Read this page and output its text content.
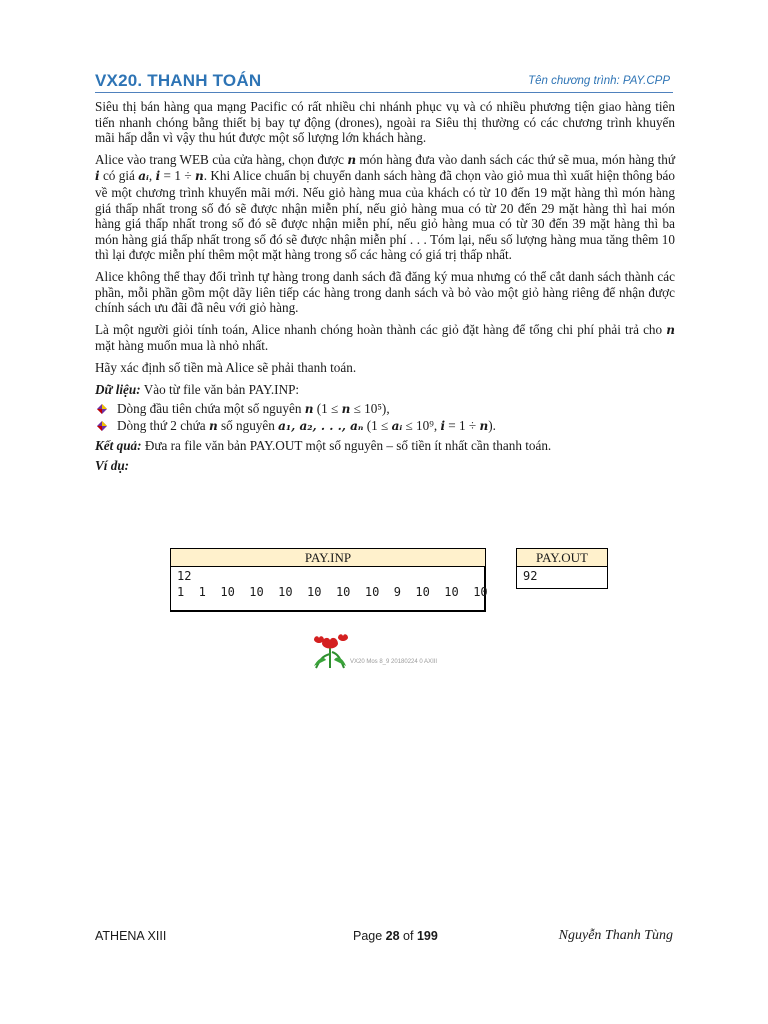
VX20. THANH TOÁN	Tên chương trình: PAY.CPP

Siêu thị bán hàng qua mạng Pacific có rất nhiều chi nhánh phục vụ và có nhiều phương tiện giao hàng tiên tiến nhanh chóng bằng thiết bị bay tự động (drones), ngoài ra Siêu thị thường có các chương trình khuyến mãi hấp dẫn vì vậy thu hút được một số lượng lớn khách hàng.

Alice vào trang WEB của cửa hàng, chọn được n món hàng đưa vào danh sách các thứ sẽ mua, món hàng thứ i có giá aᵢ, i = 1 ÷ n. Khi Alice chuẩn bị chuyển danh sách hàng đã chọn vào giỏ mua thì xuất hiện thông báo về một chương trình khuyến mãi mới. Nếu giỏ hàng mua của khách có từ 10 đến 19 mặt hàng thì món hàng giá thấp nhất trong số đó sẽ được nhận miễn phí, nếu giỏ hàng mua có từ 20 đến 29 mặt hàng thì hai món hàng giá thấp nhất trong số đó sẽ được nhận miễn phí, nếu giỏ hàng mua có từ 30 đến 39 mặt hàng thì ba món hàng giá thấp nhất trong số đó sẽ được nhận miễn phí . . . Tóm lại, nếu số lượng hàng mua tăng thêm 10 thì lại được miễn phí thêm một mặt hàng trong số các hàng có giá trị thấp nhất.

Alice không thể thay đổi trình tự hàng trong danh sách đã đăng ký mua nhưng có thể cắt danh sách thành các phần, mỗi phần gồm một dãy liên tiếp các hàng trong danh sách và bỏ vào một giỏ hàng riêng để nhận được chính sách ưu đãi đã nêu với giỏ hàng.

Là một người giỏi tính toán, Alice nhanh chóng hoàn thành các giỏ đặt hàng để tổng chi phí phải trả cho n mặt hàng muốn mua là nhỏ nhất.

Hãy xác định số tiền mà Alice sẽ phải thanh toán.

Dữ liệu: Vào từ file văn bản PAY.INP:

Dòng đầu tiên chứa một số nguyên n (1 ≤ n ≤ 10⁵),
Dòng thứ 2 chứa n số nguyên a₁, a₂, . . ., aₙ (1 ≤ aᵢ ≤ 10⁹, i = 1 ÷ n).

Kết quả: Đưa ra file văn bản PAY.OUT một số nguyên – số tiền ít nhất cần thanh toán.

Ví dụ:

PAY.INP
12
1  1  10  10  10  10  10  10  9  10  10  10
PAY.OUT
92
VX20 Mos 8_9 20180224 0 AXIII
ATHENA XIII	Page 28 of 199	Nguyễn Thanh Tùng
